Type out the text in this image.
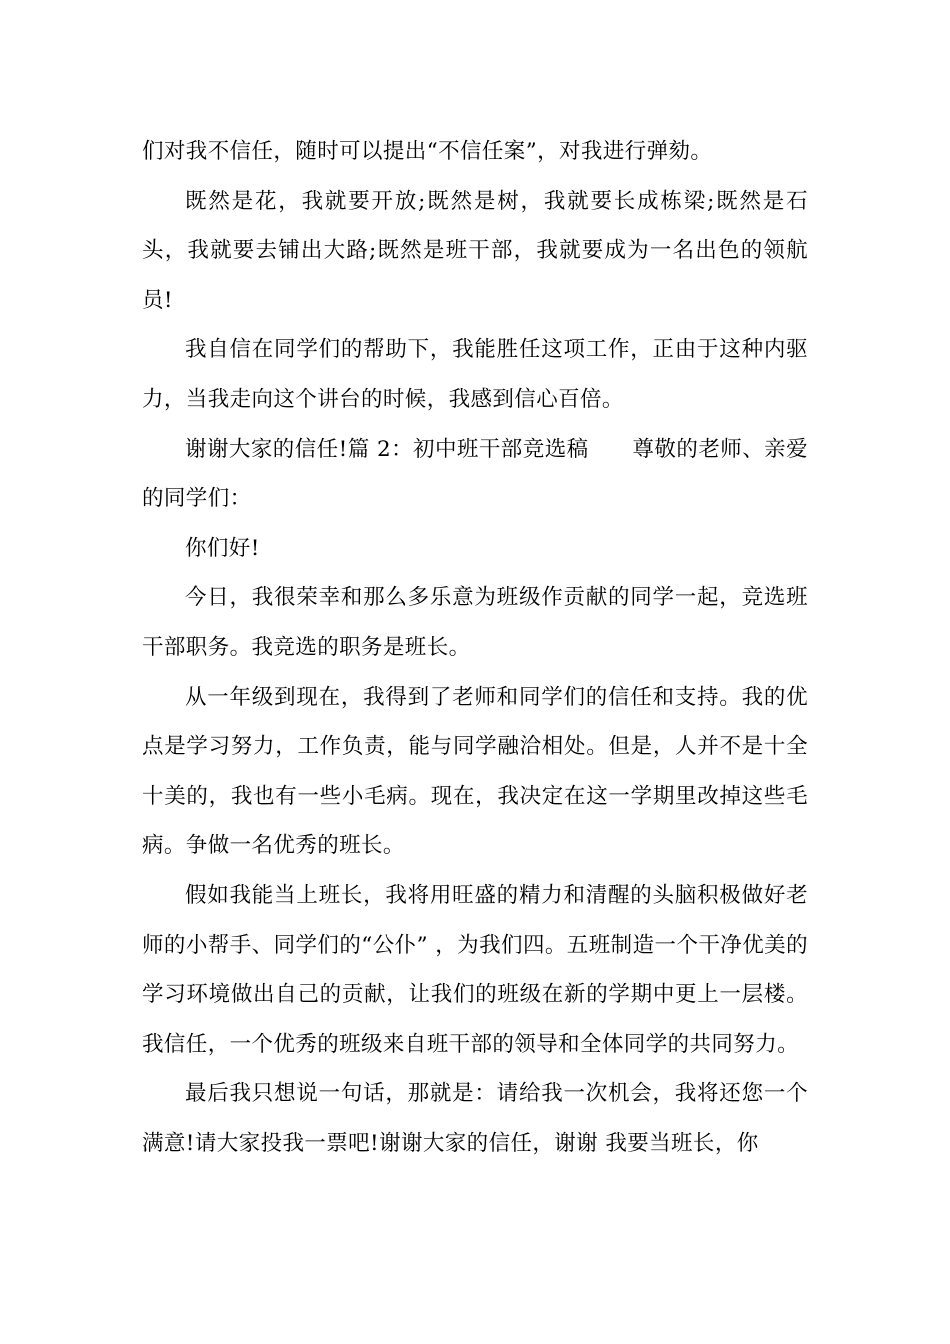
们对我不信任，随时可以提出“不信任案”，对我进行弹劾。

既然是花，我就要开放;既然是树，我就要长成栋梁;既然是石头，我就要去铺出大路;既然是班干部，我就要成为一名出色的领航员!

我自信在同学们的帮助下，我能胜任这项工作，正由于这种内驱力，当我走向这个讲台的时候，我感到信心百倍。

谢谢大家的信任!篇 2：初中班干部竞选稿　　尊敬的老师、亲爱的同学们：

你们好!

今日，我很荣幸和那么多乐意为班级作贡献的同学一起，竞选班干部职务。我竞选的职务是班长。

从一年级到现在，我得到了老师和同学们的信任和支持。我的优点是学习努力，工作负责，能与同学融洽相处。但是，人并不是十全十美的，我也有一些小毛病。现在，我决定在这一学期里改掉这些毛病。争做一名优秀的班长。

假如我能当上班长，我将用旺盛的精力和清醒的头脑积极做好老师的小帮手、同学们的“公仆” ，为我们四。五班制造一个干净优美的学习环境做出自己的贡献，让我们的班级在新的学期中更上一层楼。我信任，一个优秀的班级来自班干部的领导和全体同学的共同努力。

最后我只想说一句话，那就是：请给我一次机会，我将还您一个满意!请大家投我一票吧!谢谢大家的信任，谢谢 我要当班长，你
